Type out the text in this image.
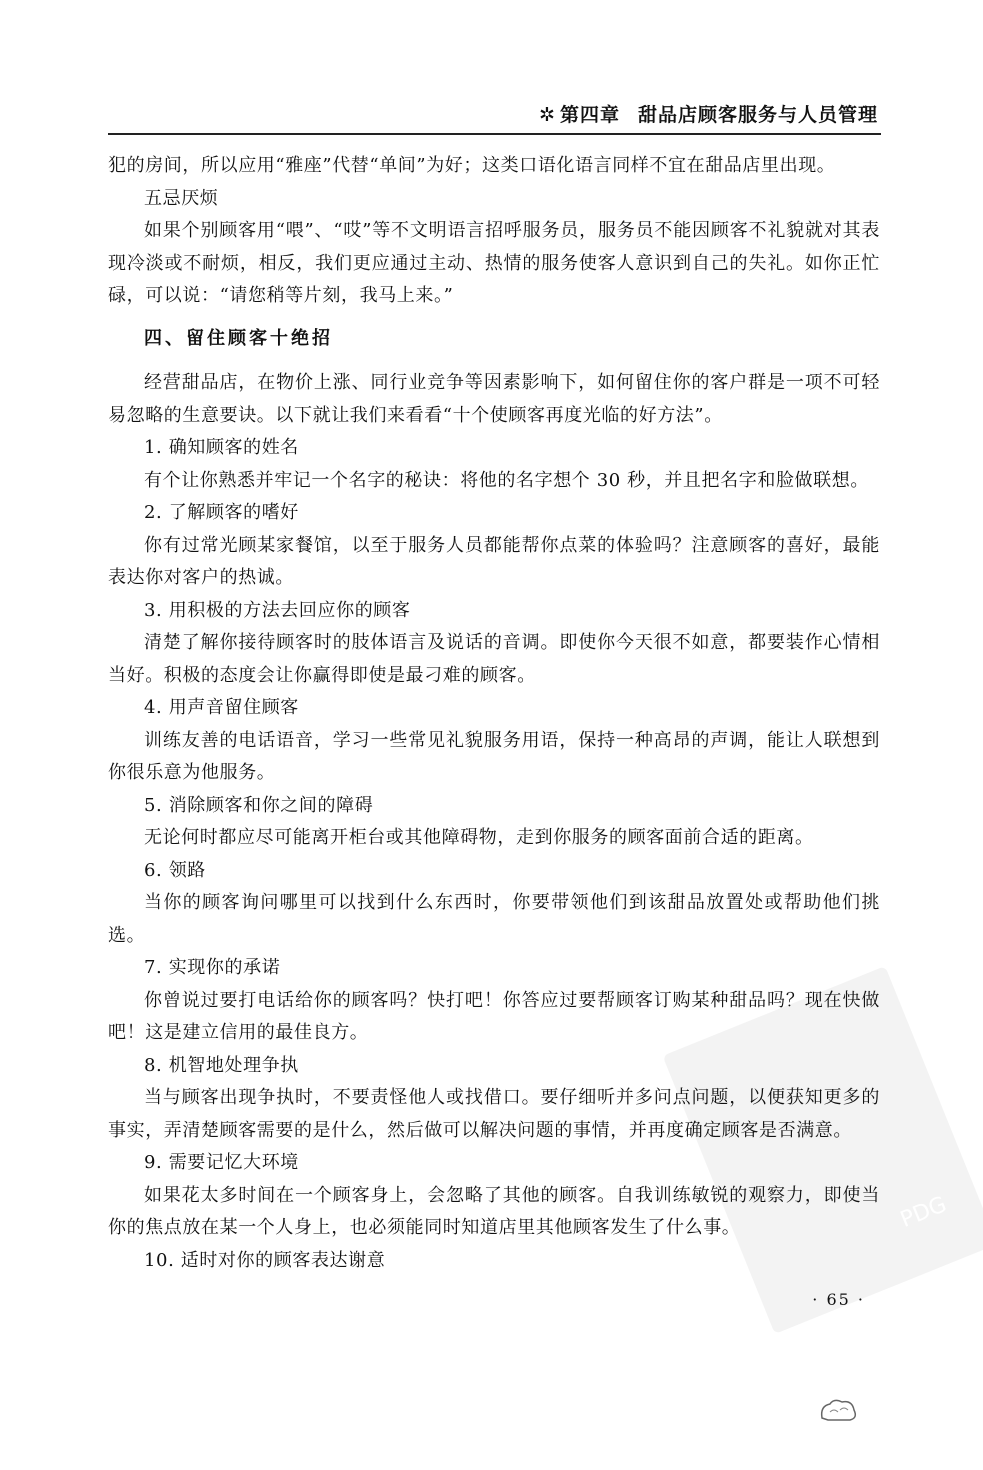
✲ 第四章 甜品店顾客服务与人员管理
PDG

犯的房间，所以应用“雅座”代替“单间”为好；这类口语化语言同样不宜在甜品店里出现。

五忌厌烦

如果个别顾客用“喂”、“哎”等不文明语言招呼服务员，服务员不能因顾客不礼貌就对其表现冷淡或不耐烦，相反，我们更应通过主动、热情的服务使客人意识到自己的失礼。如你正忙碌，可以说：“请您稍等片刻，我马上来。”

四、留住顾客十绝招

经营甜品店，在物价上涨、同行业竞争等因素影响下，如何留住你的客户群是一项不可轻易忽略的生意要诀。以下就让我们来看看“十个使顾客再度光临的好方法”。

1. 确知顾客的姓名

有个让你熟悉并牢记一个名字的秘诀：将他的名字想个 30 秒，并且把名字和脸做联想。

2. 了解顾客的嗜好

你有过常光顾某家餐馆，以至于服务人员都能帮你点菜的体验吗？注意顾客的喜好，最能表达你对客户的热诚。

3. 用积极的方法去回应你的顾客

清楚了解你接待顾客时的肢体语言及说话的音调。即使你今天很不如意，都要装作心情相当好。积极的态度会让你赢得即使是最刁难的顾客。

4. 用声音留住顾客

训练友善的电话语音，学习一些常见礼貌服务用语，保持一种高昂的声调，能让人联想到你很乐意为他服务。

5. 消除顾客和你之间的障碍

无论何时都应尽可能离开柜台或其他障碍物，走到你服务的顾客面前合适的距离。

6. 领路

当你的顾客询问哪里可以找到什么东西时，你要带领他们到该甜品放置处或帮助他们挑选。

7. 实现你的承诺

你曾说过要打电话给你的顾客吗？快打吧！你答应过要帮顾客订购某种甜品吗？现在快做吧！这是建立信用的最佳良方。

8. 机智地处理争执

当与顾客出现争执时，不要责怪他人或找借口。要仔细听并多问点问题，以便获知更多的事实，弄清楚顾客需要的是什么，然后做可以解决问题的事情，并再度确定顾客是否满意。

9. 需要记忆大环境

如果花太多时间在一个顾客身上，会忽略了其他的顾客。自我训练敏锐的观察力，即使当你的焦点放在某一个人身上，也必须能同时知道店里其他顾客发生了什么事。

10. 适时对你的顾客表达谢意

· 65 ·
